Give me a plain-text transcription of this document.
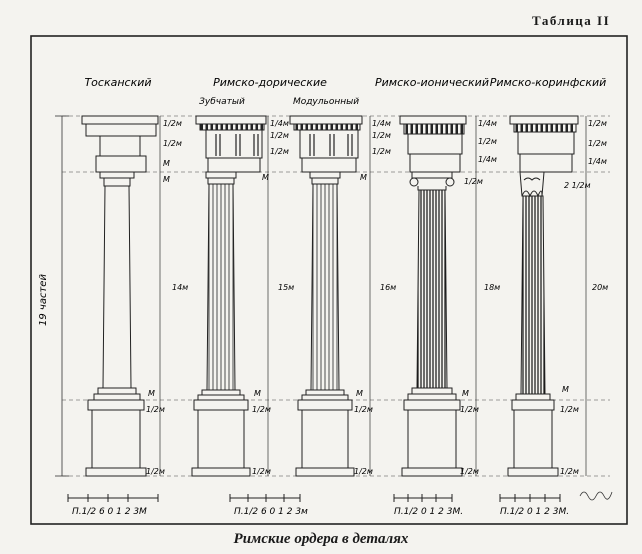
Таблица II
19 частей
Тосканский
1/2м
1/2м
М
М
14м
М
1/2м
1/2м
П.1/2 6 0 1 2 3М
Римско-дорические
Зубчатый
1/4м
1/2м
1/2м
М
15м
М
1/2м
1/2м
П.1/2 6 0 1 2 3м
Модульонный
1/4м
1/2м
1/2м
М
16м
М
1/2м
1/2м
Римско-ионический
1/4м
1/2м
1/4м
1/2м
18м
М
1/2м
1/2м
П.1/2 0 1 2 3М.
Римско-коринфский
1/2м
1/2м
1/4м
2 1/2м
20м
М
1/2м
1/2м
П.1/2 0 1 2 3М.
Римские ордера в деталях
